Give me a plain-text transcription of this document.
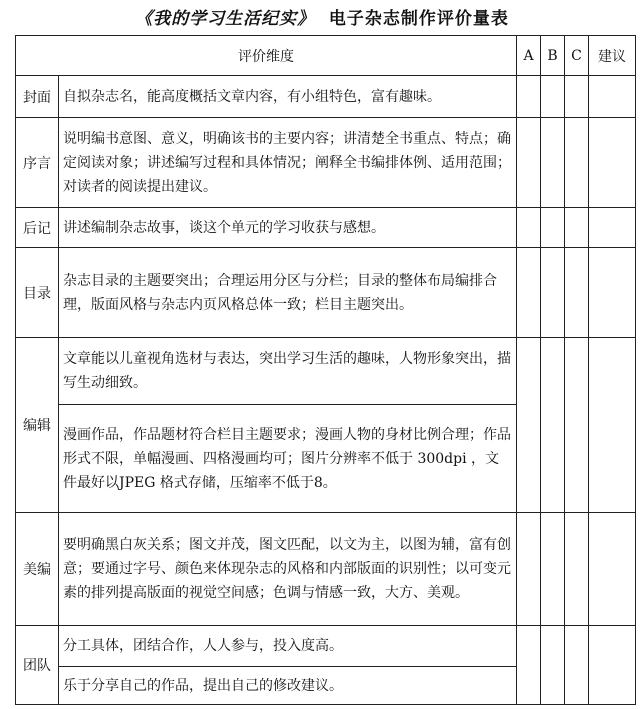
《我的学习生活纪实》 电子杂志制作评价量表
评价维度		A	B	C	建议
封面	自拟杂志名，能高度概括文章内容，有小组特色，富有趣味。				
序言	说明编书意图、意义，明确该书的主要内容；讲清楚全书重点、特点；确定阅读对象；讲述编写过程和具体情况；阐释全书编排体例、适用范围；对读者的阅读提出建议。				
后记	讲述编制杂志故事，谈这个单元的学习收获与感想。				
目录	杂志目录的主题要突出；合理运用分区与分栏；目录的整体布局编排合理，版面风格与杂志内页风格总体一致；栏目主题突出。				
编辑	文章能以儿童视角选材与表达，突出学习生活的趣味，人物形象突出，描写生动细致。				
	漫画作品，作品题材符合栏目主题要求；漫画人物的身材比例合理；作品形式不限，单幅漫画、四格漫画均可；图片分辨率不低于 300dpi ，文件最好以JPEG 格式存储，压缩率不低于8。				
美编	要明确黑白灰关系；图文并茂，图文匹配，以文为主，以图为辅，富有创意；要通过字号、颜色来体现杂志的风格和内部版面的识别性；以可变元素的排列提高版面的视觉空间感；色调与情感一致，大方、美观。				
团队	分工具体，团结合作，人人参与，投入度高。				
	乐于分享自己的作品，提出自己的修改建议。				
